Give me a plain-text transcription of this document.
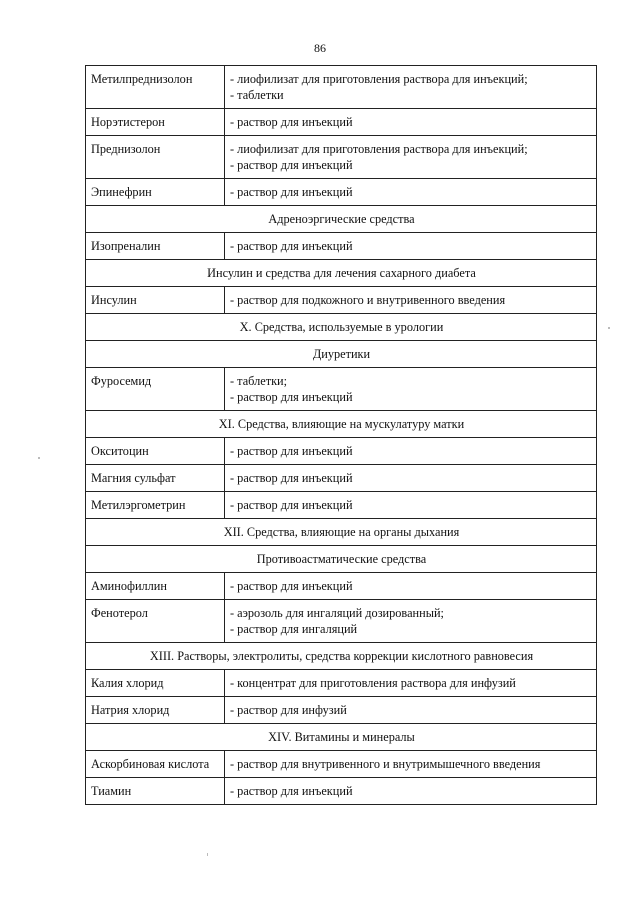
86
Метилпреднизолон	- лиофилизат для приготовления раствора для инъекций;
- таблетки

Норэтистерон	- раствор для инъекций

Преднизолон	- лиофилизат для приготовления раствора для инъекций;
- раствор для инъекций

Эпинефрин	- раствор для инъекций

Адреноэргические средства	
Изопреналин	- раствор для инъекций

Инсулин и средства для лечения сахарного диабета	
Инсулин	- раствор для подкожного и внутривенного введения

X. Средства, используемые в урологии	
Диуретики	
Фуросемид	- таблетки;
- раствор для инъекций

XI. Средства, влияющие на мускулатуру матки	
Окситоцин	- раствор для инъекций

Магния сульфат	- раствор для инъекций

Метилэргометрин	- раствор для инъекций

XII. Средства, влияющие на органы дыхания	
Противоастматические средства	
Аминофиллин	- раствор для инъекций

Фенотерол	- аэрозоль для ингаляций дозированный;
- раствор для ингаляций

XIII. Растворы, электролиты, средства коррекции кислотного равновесия	
Калия хлорид	- концентрат для приготовления раствора для инфузий

Натрия хлорид	- раствор для инфузий

XIV. Витамины и минералы	
Аскорбиновая кислота	- раствор для внутривенного и внутримышечного введения

Тиамин	- раствор для инъекций
